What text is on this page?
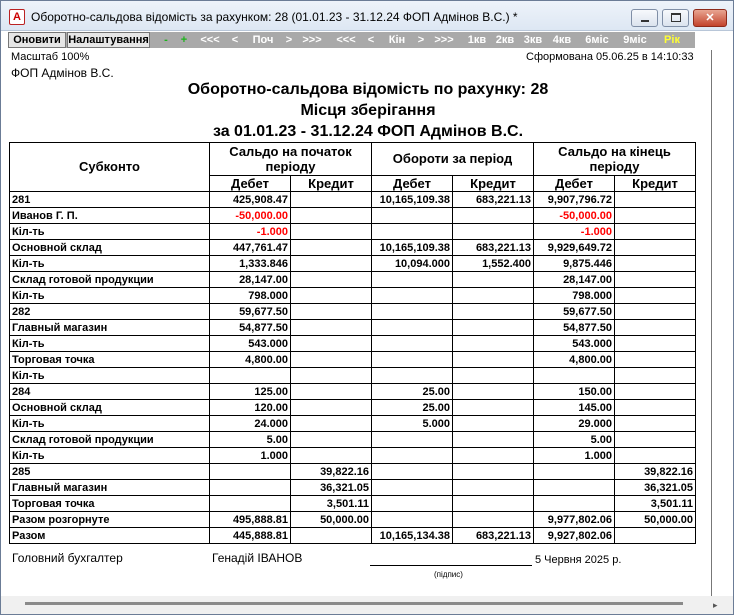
A Оборотно-сальдова відомість за рахунком: 28 (01.01.23 - 31.12.24 ФОП Адмінов В.С.) *	✕
Оновити Налаштування	-	+	<<<	<	Поч	> >>>	<<<	<	Кін	> >>>	1кв 2кв 3кв 4кв	6міс	9міс	Рік
Масштаб 100%	Сформована 05.06.25 в 14:10:33
ФОП Адмінов В.С.
Оборотно-сальдова відомість по рахунку: 28
Місця зберігання
за 01.01.23 - 31.12.24 ФОП Адмінов В.С.
Субконто	Сальдо на початок періоду		Обороти за період		Сальдо на кінець періоду	
	Дебет	Кредит	Дебет	Кредит	Дебет	Кредит
281	425,908.47		10,165,109.38	683,221.13	9,907,796.72	
Иванов Г. П.	-50,000.00				-50,000.00	
Кіл-ть	-1.000				-1.000	
Основной склад	447,761.47		10,165,109.38	683,221.13	9,929,649.72	
Кіл-ть	1,333.846		10,094.000	1,552.400	9,875.446	
Склад готовой продукции	28,147.00				28,147.00	
Кіл-ть	798.000				798.000	
282	59,677.50				59,677.50	
Главный магазин	54,877.50				54,877.50	
Кіл-ть	543.000				543.000	
Торговая точка	4,800.00				4,800.00	
Кіл-ть						
284	125.00		25.00		150.00	
Основной склад	120.00		25.00		145.00	
Кіл-ть	24.000		5.000		29.000	
Склад готовой продукции	5.00				5.00	
Кіл-ть	1.000				1.000	
285		39,822.16				39,822.16
Главный магазин		36,321.05				36,321.05
Торговая точка		3,501.11				3,501.11
Разом розгорнуте	495,888.81	50,000.00			9,977,802.06	50,000.00
Разом	445,888.81		10,165,134.38	683,221.13	9,927,802.06	
Головний бухгалтер	Генадій ІВАНОВ	5 Червня 2025 р.
(підпис)
▸
